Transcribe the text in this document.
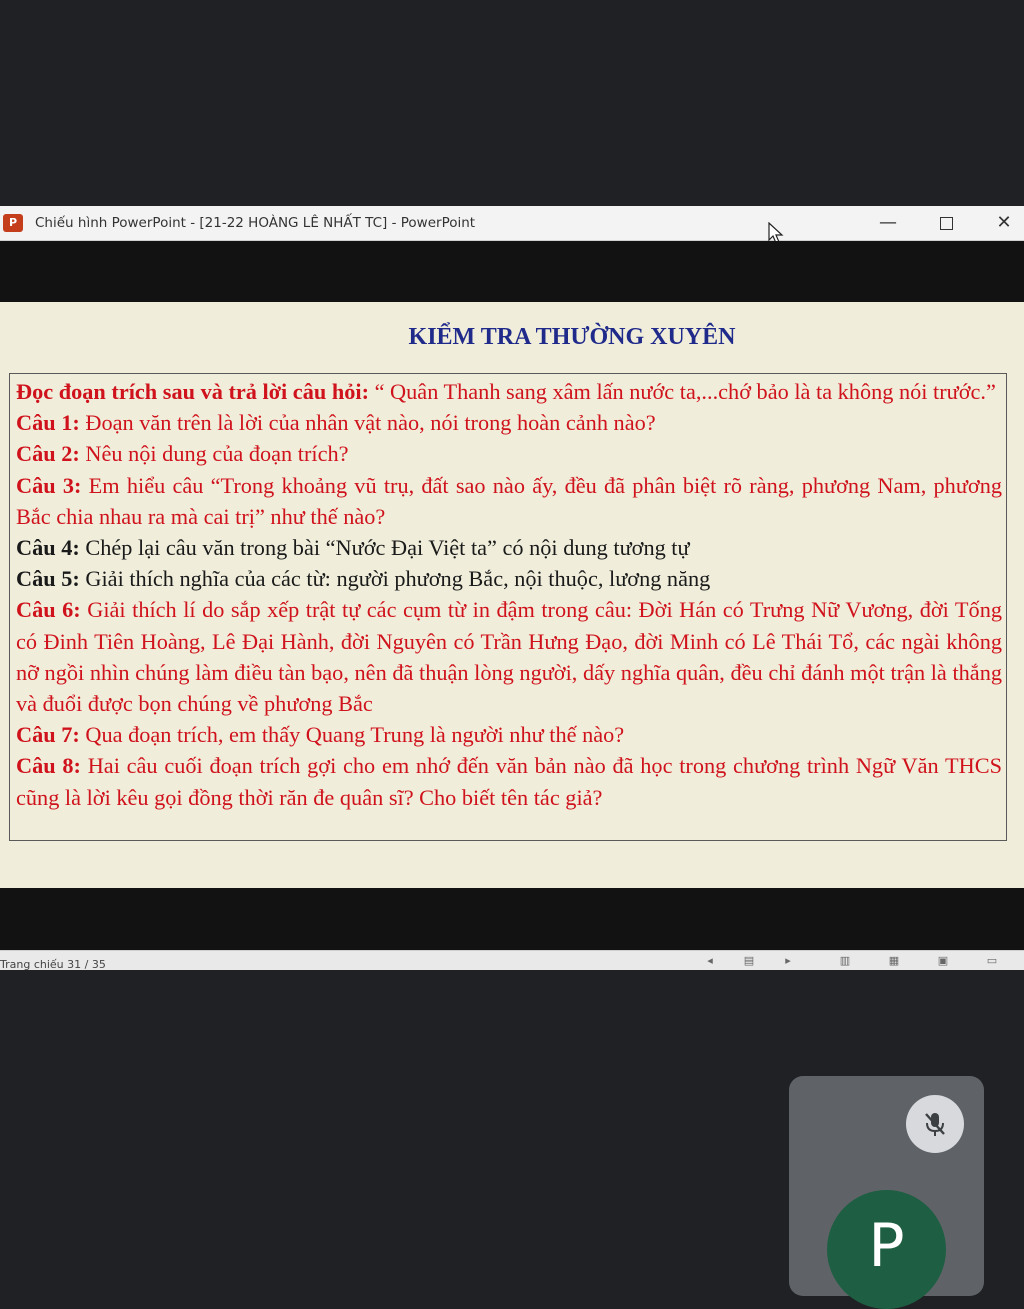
P	Chiếu hình PowerPoint - [21-22 HOÀNG LÊ NHẤT TC] - PowerPoint	—	✕
KIỂM TRA THƯỜNG XUYÊN

Đọc đoạn trích sau và trả lời câu hỏi: “ Quân Thanh sang xâm lấn nước ta,...chớ bảo là ta không nói trước.”

Câu 1: Đoạn văn trên là lời của nhân vật nào, nói trong hoàn cảnh nào?

Câu 2: Nêu nội dung của đoạn trích?

Câu 3: Em hiểu câu “Trong khoảng vũ trụ, đất sao nào ấy, đều đã phân biệt rõ ràng, phương Nam, phương Bắc chia nhau ra mà cai trị” như thế nào?

Câu 4: Chép lại câu văn trong bài “Nước Đại Việt ta” có nội dung tương tự

Câu 5: Giải thích nghĩa của các từ: người phương Bắc, nội thuộc, lương năng

Câu 6: Giải thích lí do sắp xếp trật tự các cụm từ in đậm trong câu: Đời Hán có Trưng Nữ Vương, đời Tống có Đinh Tiên Hoàng, Lê Đại Hành, đời Nguyên có Trần Hưng Đạo, đời Minh có Lê Thái Tổ, các ngài không nỡ ngồi nhìn chúng làm điều tàn bạo, nên đã thuận lòng người, dấy nghĩa quân, đều chỉ đánh một trận là thắng và đuổi được bọn chúng về phương Bắc

Câu 7: Qua đoạn trích, em thấy Quang Trung là người như thế nào?

Câu 8: Hai câu cuối đoạn trích gợi cho em nhớ đến văn bản nào đã học trong chương trình Ngữ Văn THCS cũng là lời kêu gọi đồng thời răn đe quân sĩ? Cho biết tên tác giả?

Trang chiếu 31 / 35	◂	▤	▸	▥	▦	▣	▭
P
